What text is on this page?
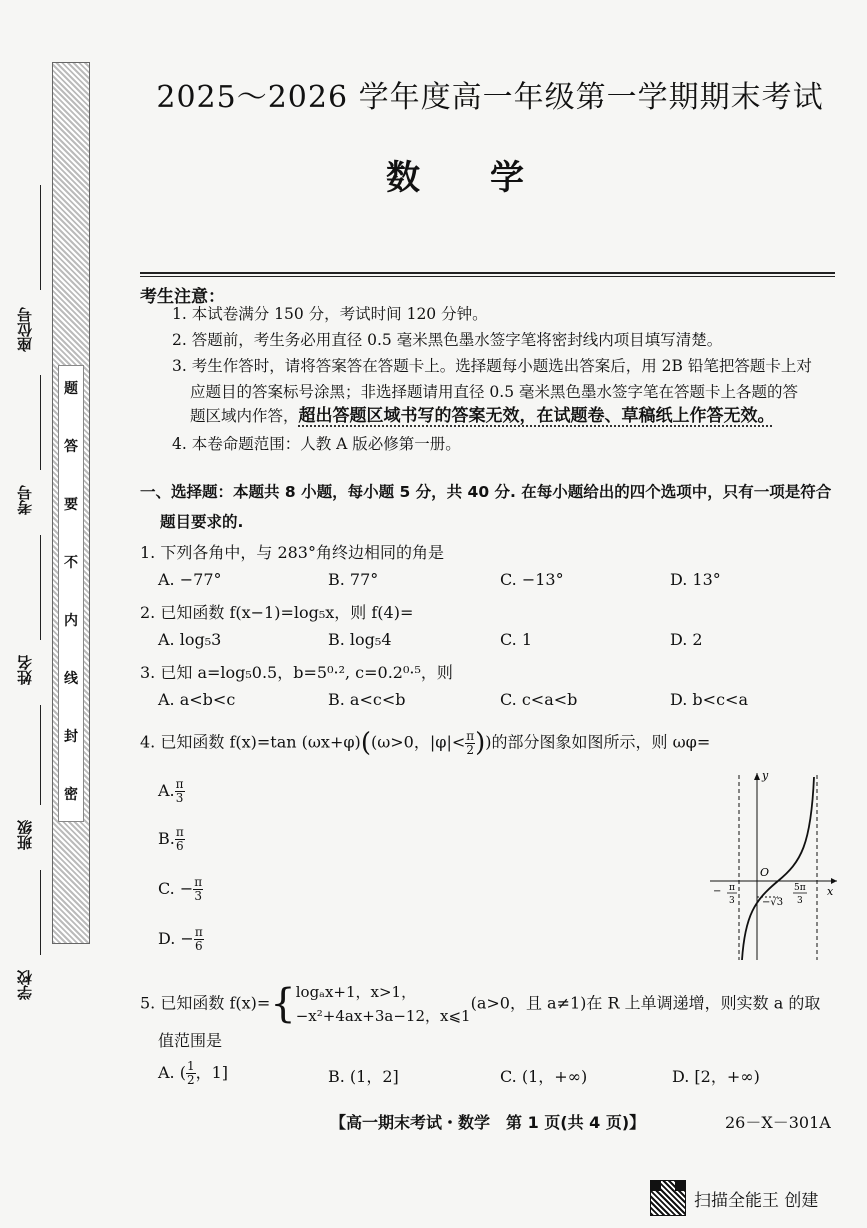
题
答
要
不
内
线
封
密
座位号
考号
姓名
班级
学校
2025～2026 学年度高一年级第一学期期末考试
数学
考生注意：
1. 本试卷满分 150 分，考试时间 120 分钟。
2. 答题前，考生务必用直径 0.5 毫米黑色墨水签字笔将密封线内项目填写清楚。
3. 考生作答时，请将答案答在答题卡上。选择题每小题选出答案后，用 2B 铅笔把答题卡上对
应题目的答案标号涂黑；非选择题请用直径 0.5 毫米黑色墨水签字笔在答题卡上各题的答
题区域内作答，超出答题区域书写的答案无效，在试题卷、草稿纸上作答无效。
4. 本卷命题范围：人教 A 版必修第一册。
一、选择题：本题共 8 小题，每小题 5 分，共 40 分. 在每小题给出的四个选项中，只有一项是符合
题目要求的.
1. 下列各角中，与 283°角终边相同的角是
A. −77°	B. 77°	C. −13°	D. 13°
2. 已知函数 f(x−1)=log₅x，则 f(4)=
A. log₅3	B. log₅4	C. 1	D. 2
3. 已知 a=log₅0.5，b=5⁰·², c=0.2⁰·⁵，则
A. a<b<c	B. a<c<b	C. c<a<b	D. b<c<a
4. 已知函数 f(x)=tan (ωx+φ)((ω>0，$|\varphi|< \frac{\pi}{2}$ ))的部分图象如图所示，则 ωφ=
A. $\frac{\pi}{3}$
B. $\frac{\pi}{6}$
C. − $\frac{\pi}{3}$
D. − $\frac{\pi}{6}$
y
x
O
−√3
− π
3
5π
3
5. 已知函数 f(x)={ logₐx+1，x>1，
−x²+4ax+3a−12，x⩽1
(a>0，且 a≠1)在 R 上单调递增，则实数 a 的取
值范围是
A. ( $\frac{1}{2}$ ，1]	B. (1，2]	C. (1，+∞)	D. [2，+∞)
【高一期末考试・数学　第 1 页(共 4 页)】	26－X－301A
扫描全能王 创建
